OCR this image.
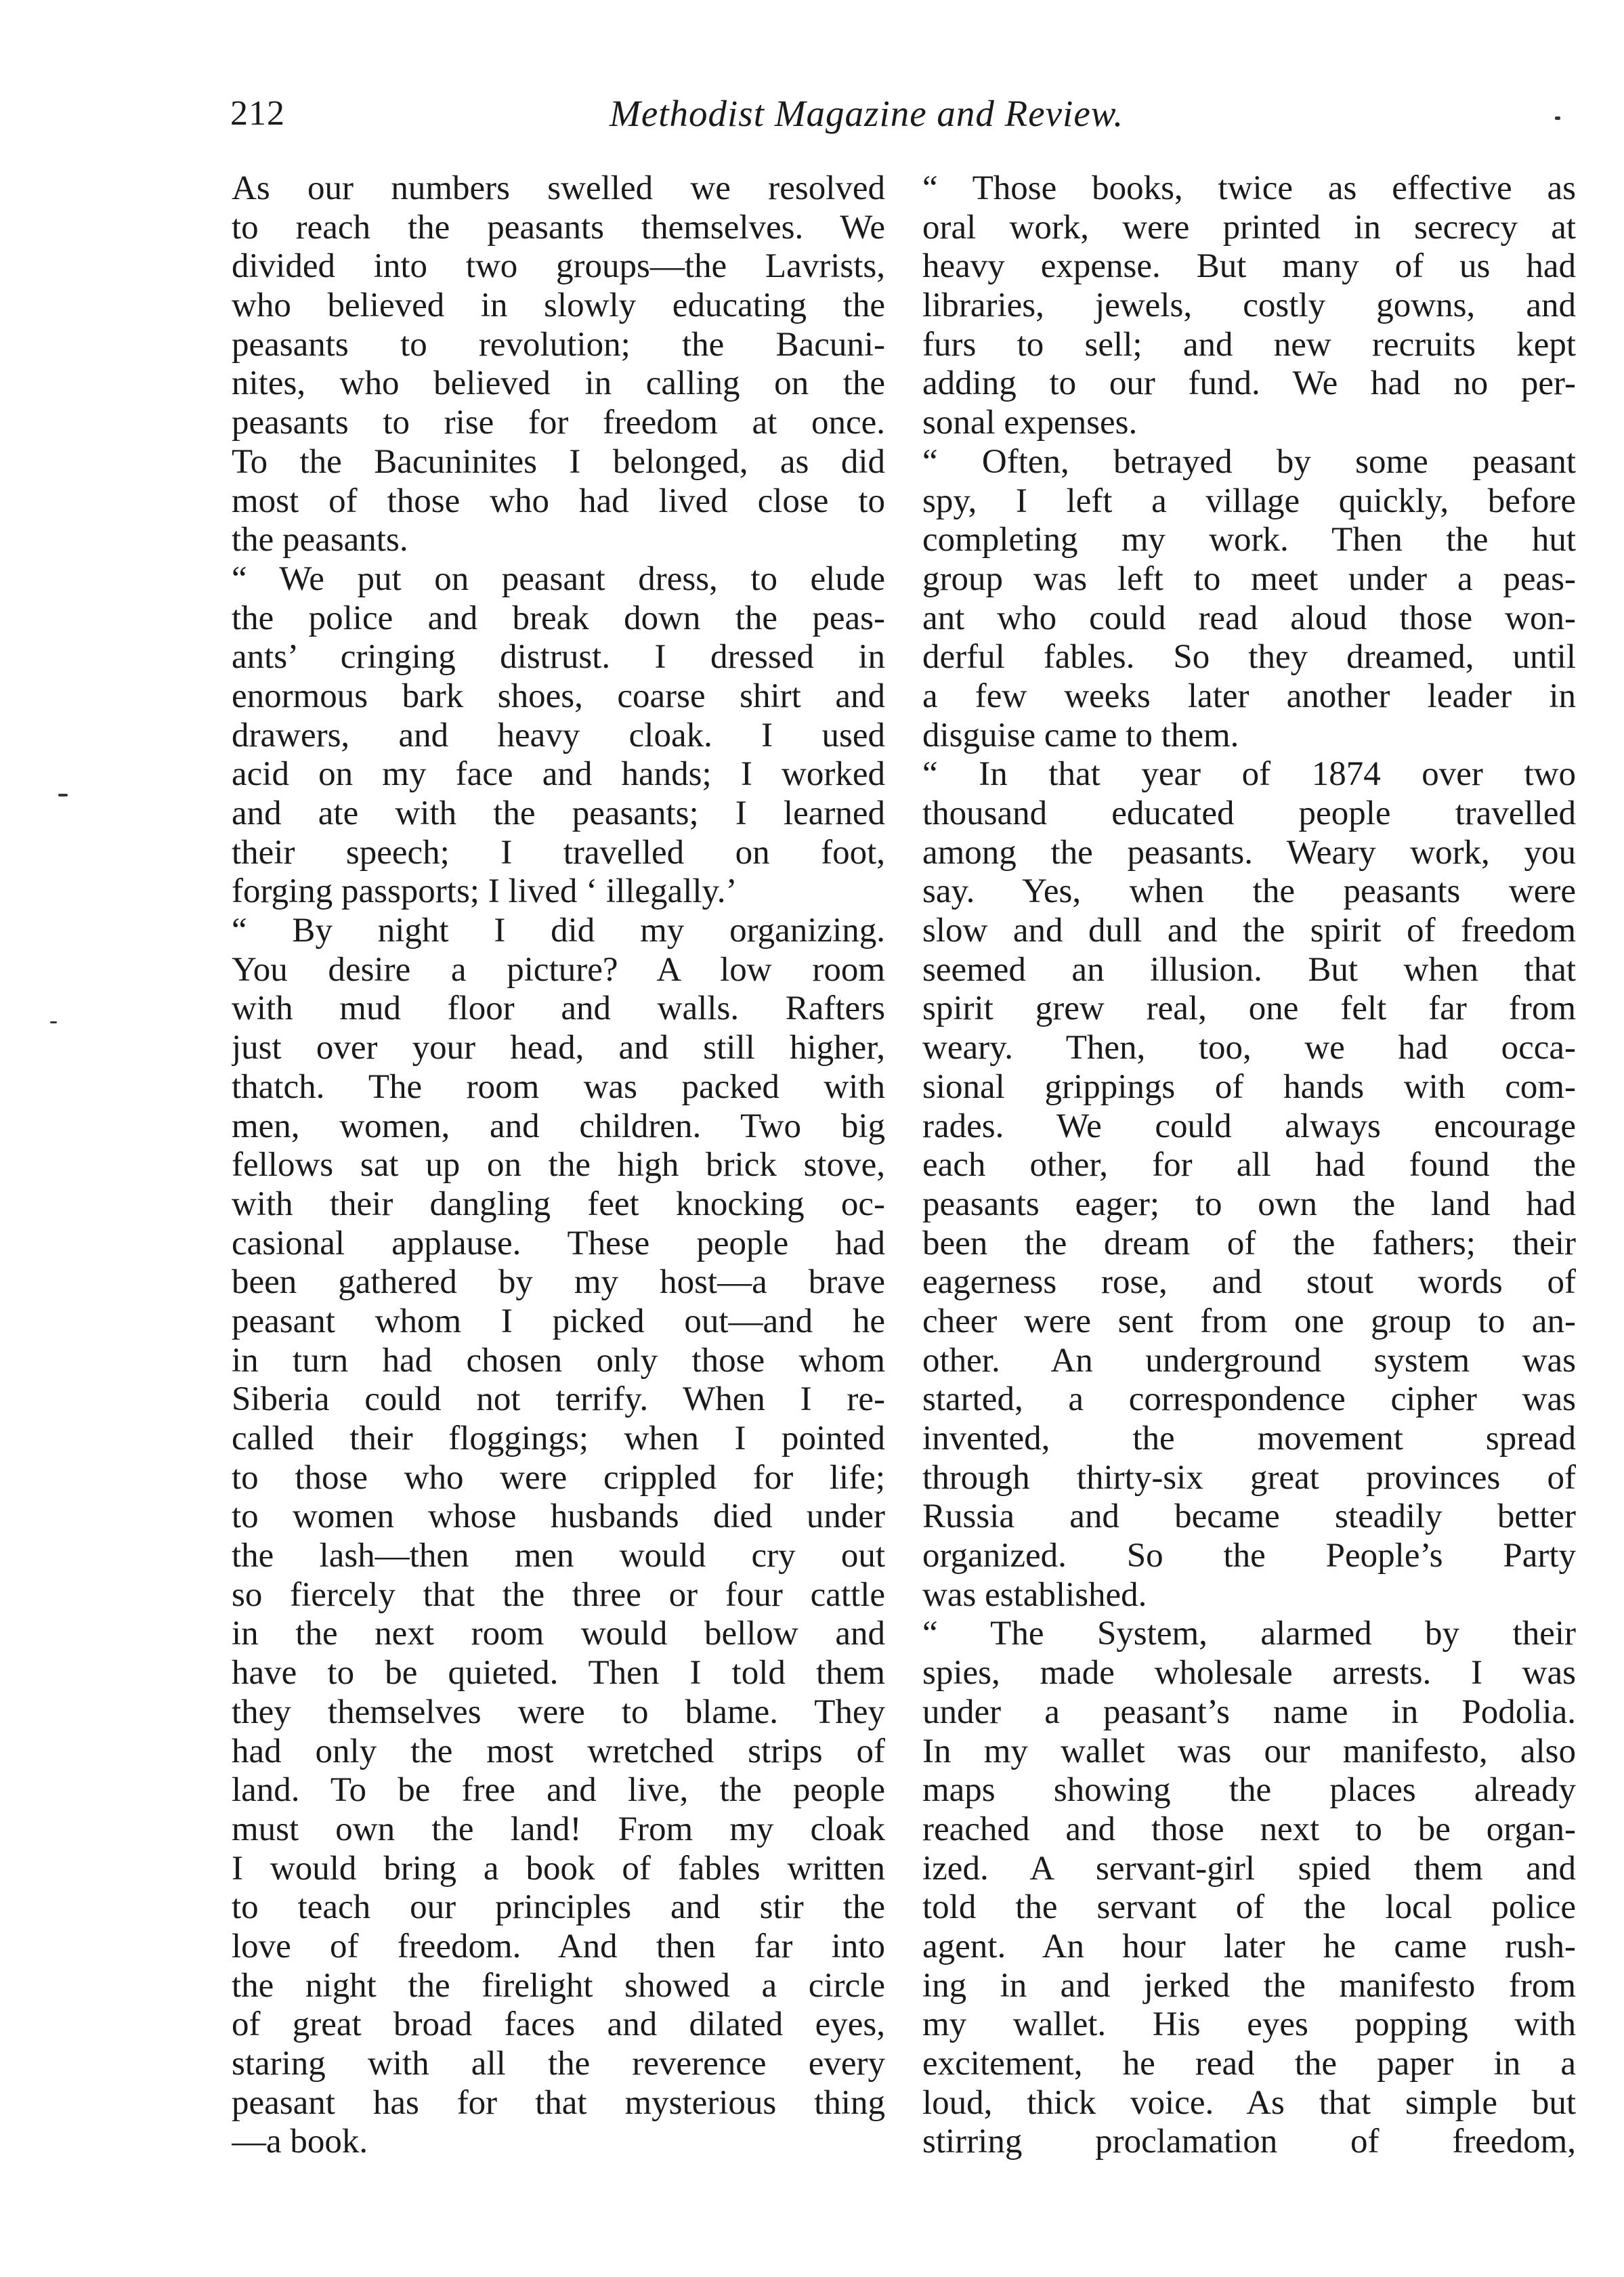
212	Methodist Magazine and Review.
As our numbers swelled we resolved
to reach the peasants themselves. We
divided into two groups—the Lavrists,
who believed in slowly educating the
peasants to revolution; the Bacuni-
nites, who believed in calling on the
peasants to rise for freedom at once.
To the Bacuninites I belonged, as did
most of those who had lived close to
the peasants.
“ We put on peasant dress, to elude
the police and break down the peas-
ants’ cringing distrust. I dressed in
enormous bark shoes, coarse shirt and
drawers, and heavy cloak. I used
acid on my face and hands; I worked
and ate with the peasants; I learned
their speech; I travelled on foot,
forging passports; I lived ‘ illegally.’
“ By night I did my organizing.
You desire a picture? A low room
with mud floor and walls. Rafters
just over your head, and still higher,
thatch. The room was packed with
men, women, and children. Two big
fellows sat up on the high brick stove,
with their dangling feet knocking oc-
casional applause. These people had
been gathered by my host—a brave
peasant whom I picked out—and he
in turn had chosen only those whom
Siberia could not terrify. When I re-
called their floggings; when I pointed
to those who were crippled for life;
to women whose husbands died under
the lash—then men would cry out
so fiercely that the three or four cattle
in the next room would bellow and
have to be quieted. Then I told them
they themselves were to blame. They
had only the most wretched strips of
land. To be free and live, the people
must own the land! From my cloak
I would bring a book of fables written
to teach our principles and stir the
love of freedom. And then far into
the night the firelight showed a circle
of great broad faces and dilated eyes,
staring with all the reverence every
peasant has for that mysterious thing
—a book.
“ Those books, twice as effective as
oral work, were printed in secrecy at
heavy expense. But many of us had
libraries, jewels, costly gowns, and
furs to sell; and new recruits kept
adding to our fund. We had no per-
sonal expenses.
“ Often, betrayed by some peasant
spy, I left a village quickly, before
completing my work. Then the hut
group was left to meet under a peas-
ant who could read aloud those won-
derful fables. So they dreamed, until
a few weeks later another leader in
disguise came to them.
“ In that year of 1874 over two
thousand educated people travelled
among the peasants. Weary work, you
say. Yes, when the peasants were
slow and dull and the spirit of freedom
seemed an illusion. But when that
spirit grew real, one felt far from
weary. Then, too, we had occa-
sional grippings of hands with com-
rades. We could always encourage
each other, for all had found the
peasants eager; to own the land had
been the dream of the fathers; their
eagerness rose, and stout words of
cheer were sent from one group to an-
other. An underground system was
started, a correspondence cipher was
invented, the movement spread
through thirty-six great provinces of
Russia and became steadily better
organized. So the People’s Party
was established.
“ The System, alarmed by their
spies, made wholesale arrests. I was
under a peasant’s name in Podolia.
In my wallet was our manifesto, also
maps showing the places already
reached and those next to be organ-
ized. A servant-girl spied them and
told the servant of the local police
agent. An hour later he came rush-
ing in and jerked the manifesto from
my wallet. His eyes popping with
excitement, he read the paper in a
loud, thick voice. As that simple but
stirring proclamation of freedom,
